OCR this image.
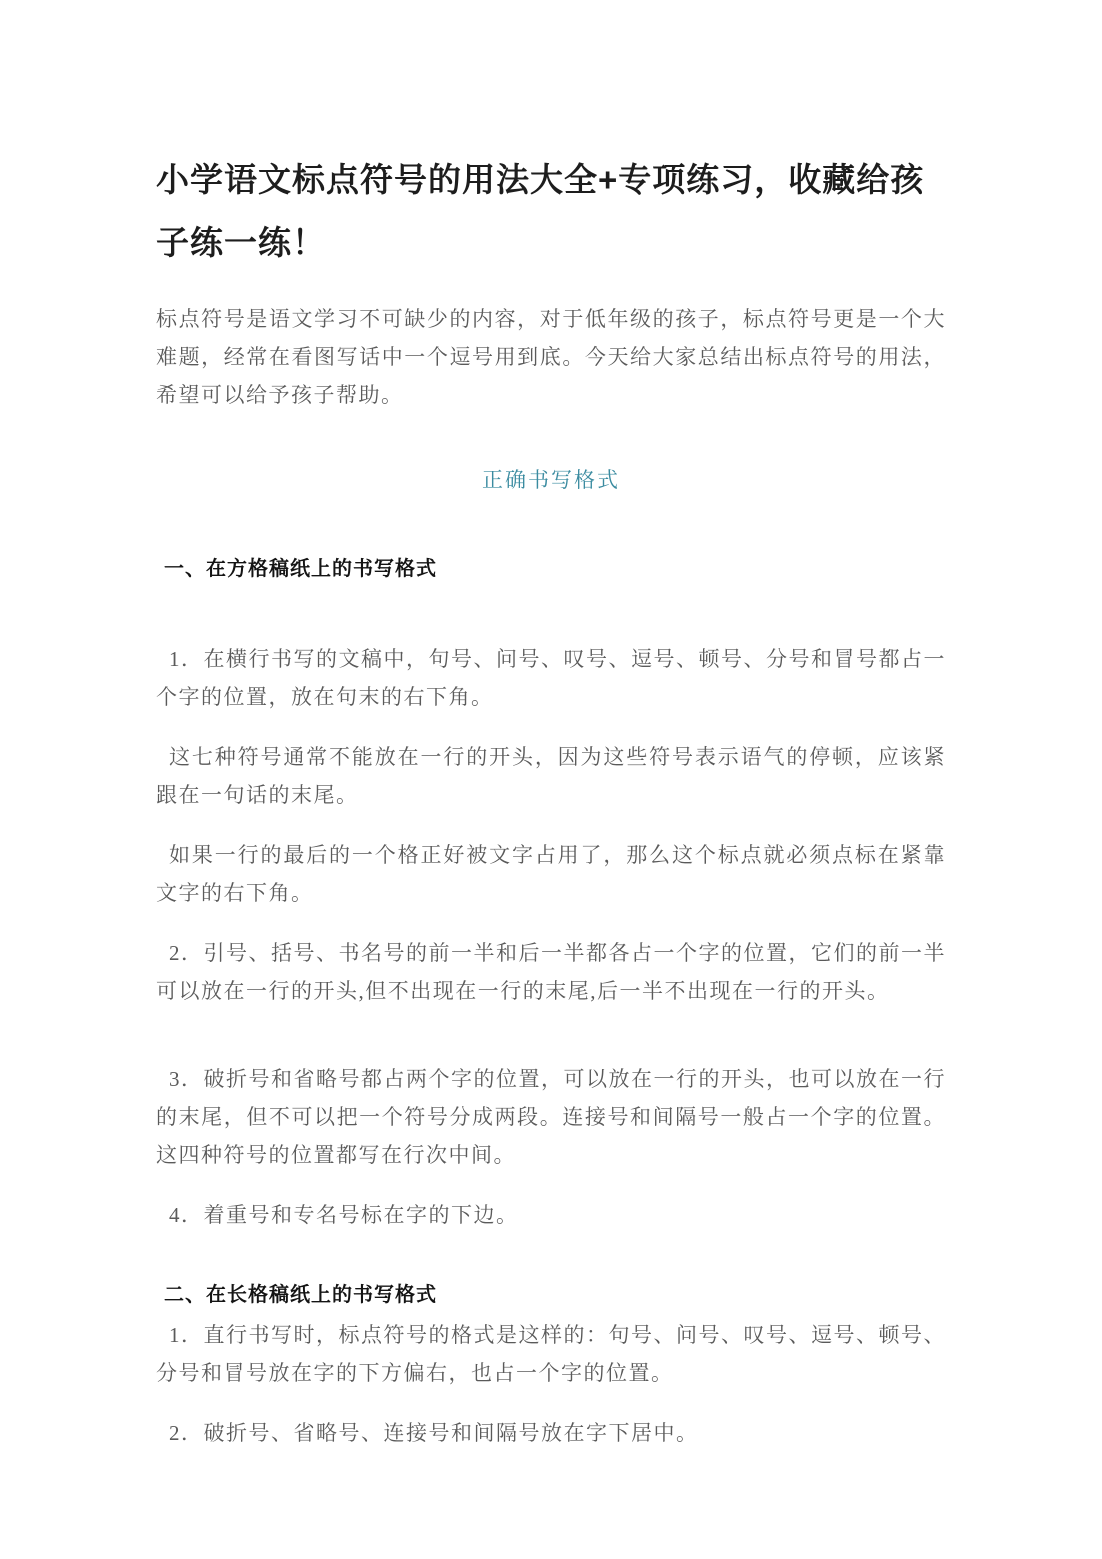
小学语文标点符号的用法大全+专项练习，收藏给孩子练一练！

标点符号是语文学习不可缺少的内容，对于低年级的孩子，标点符号更是一个大难题，经常在看图写话中一个逗号用到底。今天给大家总结出标点符号的用法，希望可以给予孩子帮助。

正确书写格式
一、在方格稿纸上的书写格式

1．在横行书写的文稿中，句号、问号、叹号、逗号、顿号、分号和冒号都占一个字的位置，放在句末的右下角。

这七种符号通常不能放在一行的开头，因为这些符号表示语气的停顿，应该紧跟在一句话的末尾。

如果一行的最后的一个格正好被文字占用了，那么这个标点就必须点标在紧靠文字的右下角。

2．引号、括号、书名号的前一半和后一半都各占一个字的位置，它们的前一半可以放在一行的开头,但不出现在一行的末尾,后一半不出现在一行的开头。

3．破折号和省略号都占两个字的位置，可以放在一行的开头，也可以放在一行的末尾，但不可以把一个符号分成两段。连接号和间隔号一般占一个字的位置。这四种符号的位置都写在行次中间。

4．着重号和专名号标在字的下边。

二、在长格稿纸上的书写格式

1．直行书写时，标点符号的格式是这样的：句号、问号、叹号、逗号、顿号、分号和冒号放在字的下方偏右，也占一个字的位置。

2．破折号、省略号、连接号和间隔号放在字下居中。
